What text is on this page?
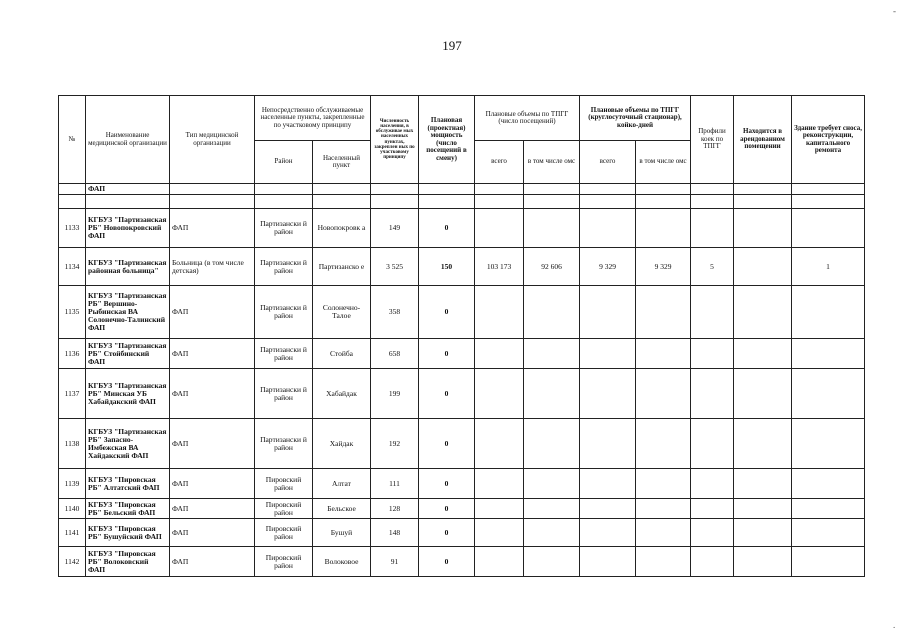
197
-
.
№	Наименование медицинской организации	Тип медицинской организации	Непосредственно обслуживаемые населенные пункты, закрепленные по участковому принципу		Численность населения, в обслуживае мых населенных пунктах, закреплен ных по участковому принципу	Плановая (проектная) мощность (число посещений в смену)	Плановые объемы по ТПГГ (число посещений)		Плановые объемы по ТПГГ (круглосуточный стационар), койко-дней		Профили коек по ТПГГ	Находится в арендованном помещении	Здание требует сноса, реконструкции, капитального ремонта
			Район	Населенный пункт			всего	в том числе омс	всего	в том числе омс			
	ФАП												

1133	КГБУЗ "Партизанская РБ" Новопокровский ФАП	ФАП	Партизански й район	Новопокровк а	149	0							
1134	КГБУЗ "Партизанская районная больница"	Больница (в том числе детская)	Партизански й район	Партизанско е	3 525	150	103 173	92 606	9 329	9 329	5		1
1135	КГБУЗ "Партизанская РБ" Вершино-Рыбинская ВА Солонечно-Талинский ФАП	ФАП	Партизански й район	Солонечно-Талое	358	0							
1136	КГБУЗ "Партизанская РБ" Стойбинский ФАП	ФАП	Партизански й район	Стойба	658	0							
1137	КГБУЗ "Партизанская РБ" Минская УБ Хабайдакский ФАП	ФАП	Партизански й район	Хабайдак	199	0							
1138	КГБУЗ "Партизанская РБ" Запасно-Имбежская ВА Хайдакский ФАП	ФАП	Партизански й район	Хайдак	192	0							
1139	КГБУЗ "Пировская РБ" Алтатский ФАП	ФАП	Пировский район	Алтат	111	0							
1140	КГБУЗ "Пировская РБ" Бельский ФАП	ФАП	Пировский район	Бельское	128	0							
1141	КГБУЗ "Пировская РБ" Бушуйский ФАП	ФАП	Пировский район	Бушуй	148	0							
1142	КГБУЗ "Пировская РБ" Волоковский ФАП	ФАП	Пировский район	Волоковое	91	0							
